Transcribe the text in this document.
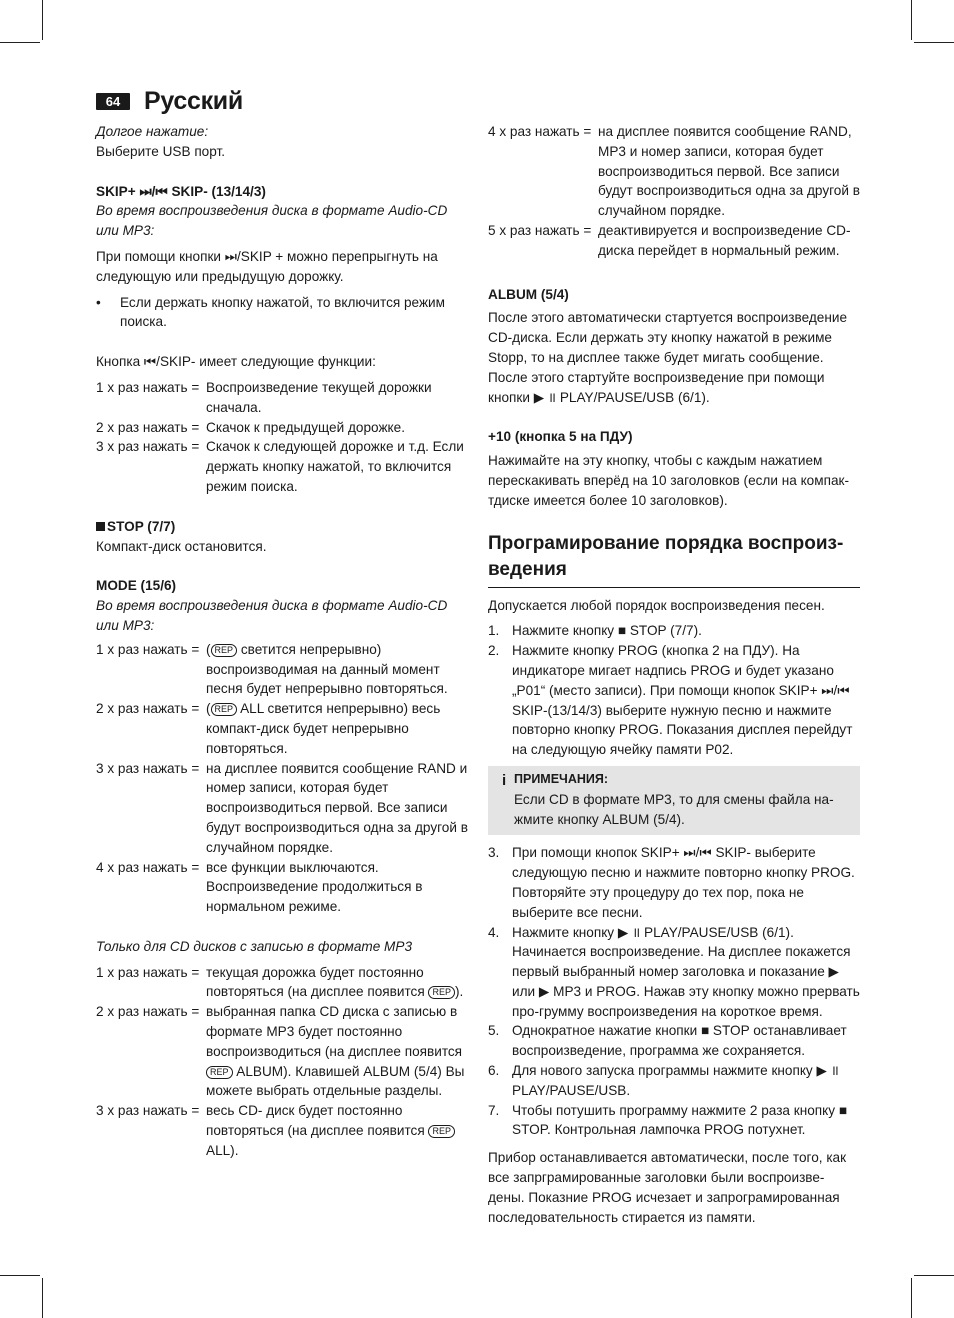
64 Русский

Долгое нажатие:

Выберите USB порт.

SKIP+ ⏭/⏮ SKIP- (13/14/3)

Во время воспроизведения диска в формате Audio-CD или MP3:

При помощи кнопки ⏭/SKIP + можно перепрыгнуть на следующую или предыдущую дорожку.

•	Если держать кнопку нажатой, то включится режим поиска.

Кнопка ⏮/SKIP- имеет следующие функции:

1 x раз нажать = Воспроизведение текущей дорожки сначала.
2 x раз нажать = Скачок к предыдущей дорожке.
3 x раз нажать = Скачок к следующей дорожке и т.д. Если держать кнопку нажатой, то включится режим поиска.

STOP (7/7)

Компакт-диск остановится.

MODE (15/6)

Во время воспроизведения диска в формате Audio-CD или MP3:

1 x раз нажать = ( REP светится непрерывно) воспроизводимая на данный момент песня будет непрерывно повторяться.
2 x раз нажать = ( REP ALL светится непрерывно) весь компакт-диск будет непрерывно повторяться.
3 x раз нажать = на дисплее появится сообщение RAND и номер записи, которая будет воспроизводиться первой. Все записи будут воспроизводиться одна за другой в случайном порядке.
4 x раз нажать = все функции выключаются. Воспроизведение продолжиться в нормальном режиме.

Только для CD дисков с записью в формате MP3

1 x раз нажать = текущая дорожка будет постоянно повторяться (на дисплее появится REP ).
2 x раз нажать = выбранная папка CD диска с записью в формате MP3 будет постоянно воспроизводиться (на дисплее появится REP ALBUM). Клавишей ALBUM (5/4) Вы можете выбрать отдельные разделы.
3 x раз нажать = весь CD- диск будет постоянно повторяться (на дисплее появится REP ALL).
4 x раз нажать = на дисплее появится сообщение RAND, MP3 и номер записи, которая будет воспроизводиться первой. Все записи будут воспроизводиться одна за другой в случайном порядке.
5 x раз нажать = деактивируется и воспроизведение CD-диска перейдет в нормальный режим.

ALBUM (5/4)

После этого автоматически стартуется воспроизведение CD-диска. Если держать эту кнопку нажатой в режиме Stopp, то на дисплее также будет мигать сообщение. После этого стартуйте воспроизведение при помощи кнопки ▶ ॥ PLAY/PAUSE/USB (6/1).

+10 (кнопка 5 на ПДУ)

Нажимайте на эту кнопку, чтобы с каждым нажатием перескакивать вперёд на 10 заголовков (если на компак-тдиске имеется более 10 заголовков).

Програмирование порядка воспроиз-ведения

Допускается любой порядок воспроизведения песен.

1. Нажмите кнопку ■ STOP (7/7).
2. Нажмите кнопку PROG (кнопка 2 на ПДУ). На индикаторе мигает надпись PROG и будет указано „P01“ (место записи). При помощи кнопок SKIP+ ⏭/⏮ SKIP-(13/14/3) выберите нужную песню и нажмите повторно кнопку PROG. Показания дисплея перейдут на следующую ячейку памяти P02.
i ПРИМЕЧАНИЯ:

Если CD в формате MP3, то для смены файла на-жмите кнопку ALBUM (5/4).

3. При помощи кнопок SKIP+ ⏭/⏮ SKIP- выберите следующую песню и нажмите повторно кнопку PROG. Повторяйте эту процедуру до тех пор, пока не выберите все песни.
4. Нажмите кнопку ▶ ॥ PLAY/PAUSE/USB (6/1). Начинается воспроизведение. На дисплее покажется первый выбранный номер заголовка и показание ▶ или ▶ MP3 и PROG. Нажав эту кнопку можно прервать про-грумму воспроизведения на короткое время.
5. Однократное нажатие кнопки ■ STOP останавливает воспроизведение, программа же сохраняется.
6. Для нового запуска программы нажмите кнопку ▶ ॥ PLAY/PAUSE/USB.
7. Чтобы потушить программу нажмите 2 раза кнопку ■ STOP. Контрольная лампочка PROG потухнет.

Прибор останавливается автоматически, после того, как все запрграмированные заголовки были воспроизве-дены. Показние PROG исчезает и запрограмированная последовательность стирается из памяти.
